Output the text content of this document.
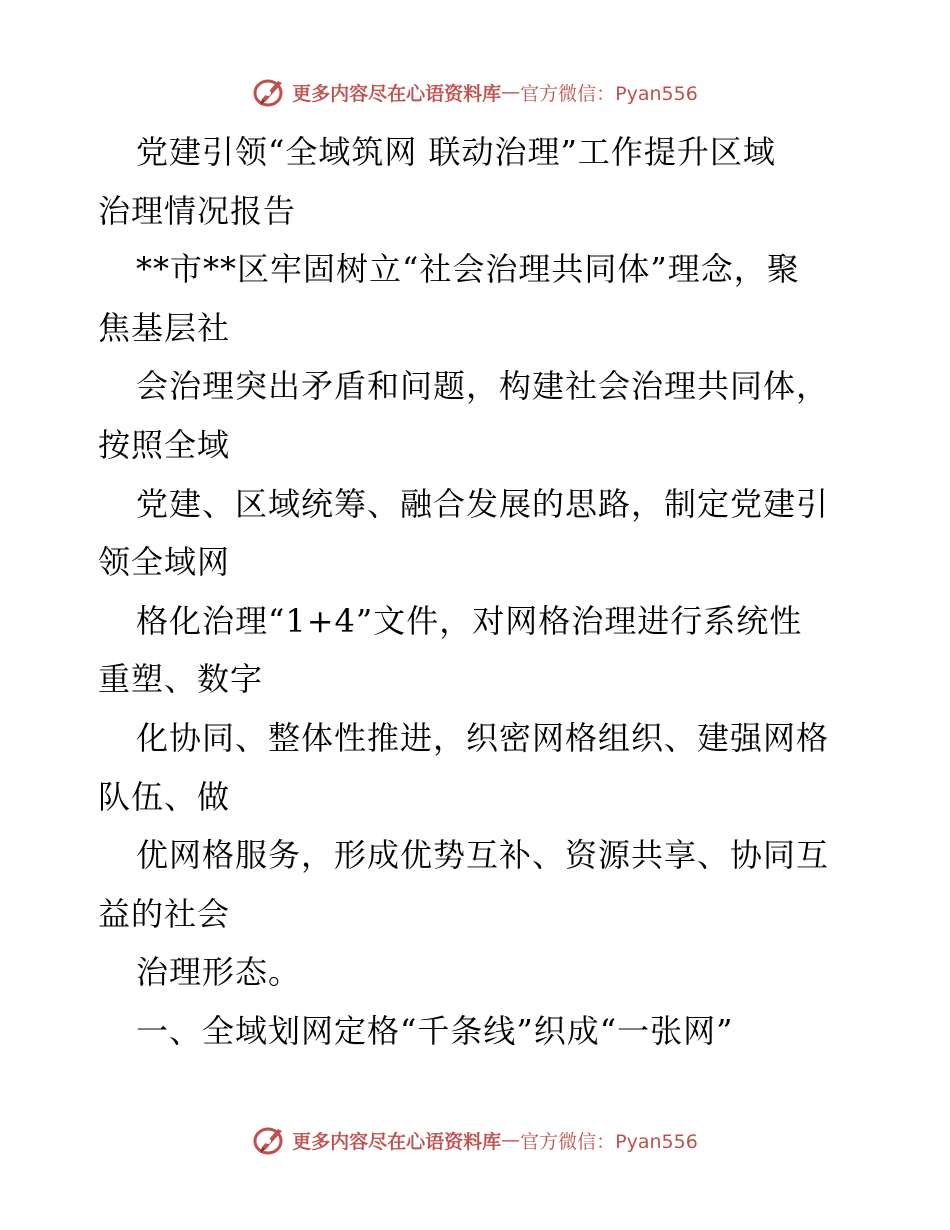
更多内容尽在心语资料库 — 官方微信：Pyan556
党建引领“全域筑网 联动治理”工作提升区域
治理情况报告
**市**区牢固树立“社会治理共同体”理念，聚
焦基层社
会治理突出矛盾和问题，构建社会治理共同体，
按照全域
党建、区域统筹、融合发展的思路，制定党建引
领全域网
格化治理“1+4”文件，对网格治理进行系统性
重塑、数字
化协同、整体性推进，织密网格组织、建强网格
队伍、做
优网格服务，形成优势互补、资源共享、协同互
益的社会
治理形态。
一、全域划网定格“千条线”织成“一张网”
更多内容尽在心语资料库 — 官方微信：Pyan556
